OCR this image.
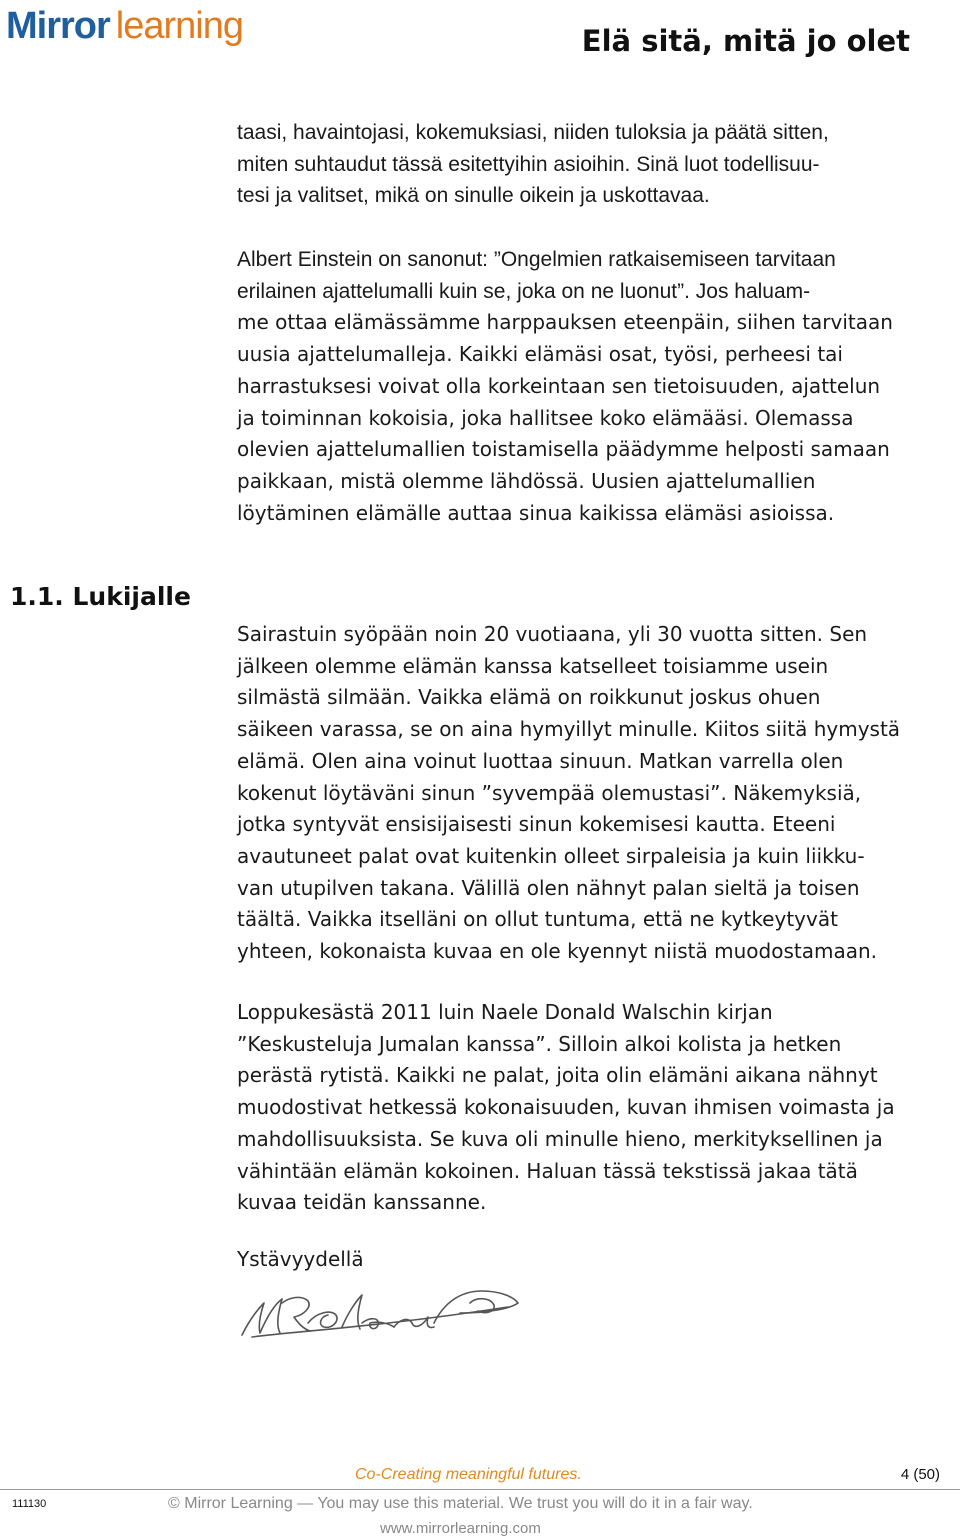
Mirror learning	Elä sitä, mitä jo olet

taasi, havaintojasi, kokemuksiasi, niiden tuloksia ja päätä sitten,

miten suhtaudut tässä esitettyihin asioihin. Sinä luot todellisuu-

tesi ja valitset, mikä on sinulle oikein ja uskottavaa.

Albert Einstein on sanonut: ”Ongelmien ratkaisemiseen tarvitaan

erilainen ajattelumalli kuin se, joka on ne luonut”. Jos haluam-

me ottaa elämässämme harppauksen eteenpäin, siihen tarvitaan

uusia ajattelumalleja. Kaikki elämäsi osat, työsi, perheesi tai

harrastuksesi voivat olla korkeintaan sen tietoisuuden, ajattelun

ja toiminnan kokoisia, joka hallitsee koko elämääsi. Olemassa

olevien ajattelumallien toistamisella päädymme helposti samaan

paikkaan, mistä olemme lähdössä. Uusien ajattelumallien

löytäminen elämälle auttaa sinua kaikissa elämäsi asioissa.

1.1. Lukijalle

Sairastuin syöpään noin 20 vuotiaana, yli 30 vuotta sitten. Sen

jälkeen olemme elämän kanssa katselleet toisiamme usein

silmästä silmään. Vaikka elämä on roikkunut joskus ohuen

säikeen varassa, se on aina hymyillyt minulle. Kiitos siitä hymystä

elämä. Olen aina voinut luottaa sinuun. Matkan varrella olen

kokenut löytäväni sinun ”syvempää olemustasi”. Näkemyksiä,

jotka syntyvät ensisijaisesti sinun kokemisesi kautta. Eteeni

avautuneet palat ovat kuitenkin olleet sirpaleisia ja kuin liikku-

van utupilven takana. Välillä olen nähnyt palan sieltä ja toisen

täältä. Vaikka itselläni on ollut tuntuma, että ne kytkeytyvät

yhteen, kokonaista kuvaa en ole kyennyt niistä muodostamaan.

Loppukesästä 2011 luin Naele Donald Walschin kirjan

”Keskusteluja Jumalan kanssa”. Silloin alkoi kolista ja hetken

perästä rytistä. Kaikki ne palat, joita olin elämäni aikana nähnyt

muodostivat hetkessä kokonaisuuden, kuvan ihmisen voimasta ja

mahdollisuuksista. Se kuva oli minulle hieno, merkityksellinen ja

vähintään elämän kokoinen. Haluan tässä tekstissä jakaa tätä

kuvaa teidän kanssanne.

Ystävyydellä
Co-Creating meaningful futures.	4 (50)
111130	© Mirror Learning — You may use this material. We trust you will do it in a fair way.
www.mirrorlearning.com
